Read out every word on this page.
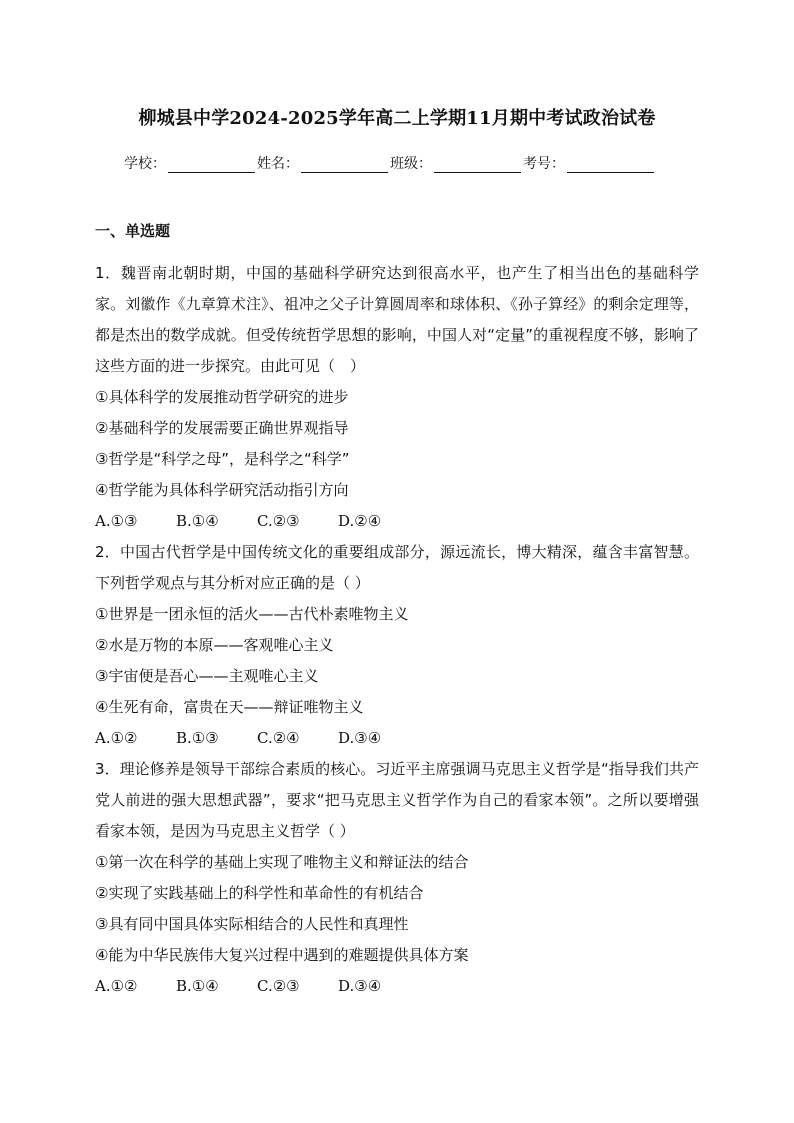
柳城县中学2024-2025学年高二上学期11月期中考试政治试卷
学校：	姓名：	班级：	考号：
一、单选题

1．魏晋南北朝时期，中国的基础科学研究达到很高水平，也产生了相当出色的基础科学家。刘徽作《九章算术注》、祖冲之父子计算圆周率和球体积、《孙子算经》的剩余定理等，都是杰出的数学成就。但受传统哲学思想的影响，中国人对“定量”的重视程度不够，影响了这些方面的进一步探究。由此可见（　）

①具体科学的发展推动哲学研究的进步

②基础科学的发展需要正确世界观指导

③哲学是“科学之母”，是科学之“科学”

④哲学能为具体科学研究活动指引方向

A.①③	B.①④	C.②③	D.②④

2．中国古代哲学是中国传统文化的重要组成部分，源远流长，博大精深，蕴含丰富智慧。下列哲学观点与其分析对应正确的是（ ）

①世界是一团永恒的活火——古代朴素唯物主义

②水是万物的本原——客观唯心主义

③宇宙便是吾心——主观唯心主义

④生死有命，富贵在天——辩证唯物主义

A.①②	B.①③	C.②④	D.③④

3．理论修养是领导干部综合素质的核心。习近平主席强调马克思主义哲学是“指导我们共产党人前进的强大思想武器”，要求“把马克思主义哲学作为自己的看家本领”。之所以要增强看家本领，是因为马克思主义哲学（ ）

①第一次在科学的基础上实现了唯物主义和辩证法的结合

②实现了实践基础上的科学性和革命性的有机结合

③具有同中国具体实际相结合的人民性和真理性

④能为中华民族伟大复兴过程中遇到的难题提供具体方案

A.①②	B.①④	C.②③	D.③④
